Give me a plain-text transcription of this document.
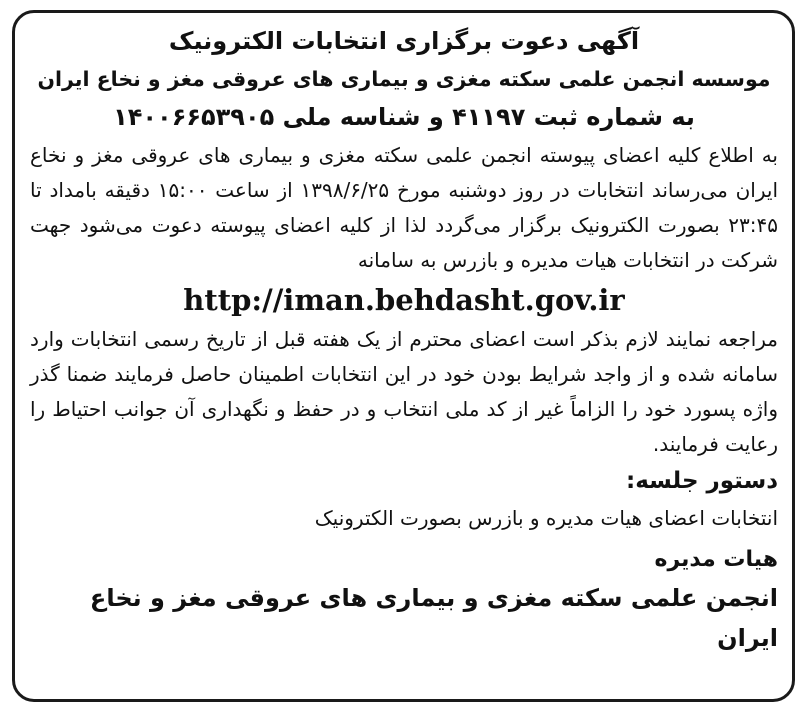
آگهی دعوت برگزاری انتخابات الکترونیک

موسسه انجمن علمی سکته مغزی و بیماری های عروقی مغز و نخاع ایران

به شماره ثبت ۴۱۱۹۷ و شناسه ملی ۱۴۰۰۶۶۵۳۹۰۵

به اطلاع کلیه اعضای پیوسته انجمن علمی سکته مغزی و بیماری های عروقی مغز و نخاع ایران می‌رساند انتخابات در روز دوشنبه مورخ ۱۳۹۸/۶/۲۵ از ساعت ۱۵:۰۰ دقیقه بامداد تا ۲۳:۴۵ بصورت الکترونیک برگزار می‌گردد لذا از کلیه اعضای پیوسته دعوت می‌شود جهت شرکت در انتخابات هیات مدیره و بازرس به سامانه

http://iman.behdasht.gov.ir

مراجعه نمایند لازم بذکر است اعضای محترم از یک هفته قبل از تاریخ رسمی انتخابات وارد سامانه شده و از واجد شرایط بودن خود در این انتخابات اطمینان حاصل فرمایند ضمنا گذر واژه پسورد خود را الزاماً غیر از کد ملی انتخاب و در حفظ و نگهداری آن جوانب احتیاط را رعایت فرمایند.

دستور جلسه:

انتخابات اعضای هیات مدیره و بازرس بصورت الکترونیک

هیات مدیره

انجمن علمی سکته مغزی و بیماری های عروقی مغز و نخاع ایران
